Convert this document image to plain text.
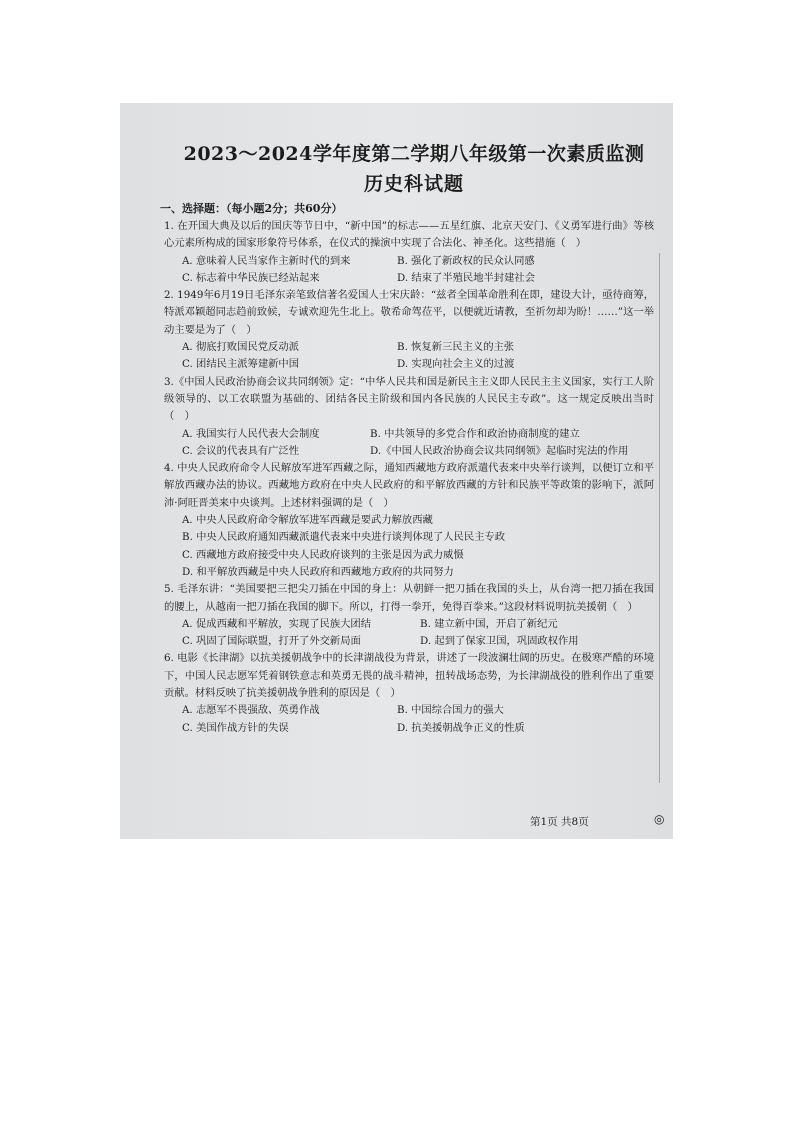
2023～2024学年度第二学期八年级第一次素质监测
历史科试题
一、选择题：（每小题2分；共60分）

1. 在开国大典及以后的国庆等节日中，“新中国”的标志——五星红旗、北京天安门、《义勇军进行曲》等核心元素所构成的国家形象符号体系，在仪式的操演中实现了合法化、神圣化。这些措施（　）

A. 意味着人民当家作主新时代的到来	B. 强化了新政权的民众认同感
C. 标志着中华民族已经站起来	D. 结束了半殖民地半封建社会

2. 1949年6月19日毛泽东亲笔致信著名爱国人士宋庆龄：“兹者全国革命胜利在即，建设大计，亟待商筹，特派邓颖超同志趋前致候，专诚欢迎先生北上。敬希命驾莅平，以便就近请教，至祈勿却为盼！……”这一举动主要是为了（　）

A. 彻底打败国民党反动派	B. 恢复新三民主义的主张
C. 团结民主派筹建新中国	D. 实现向社会主义的过渡

3.《中国人民政治协商会议共同纲领》定：“中华人民共和国是新民主主义即人民民主主义国家，实行工人阶级领导的、以工农联盟为基础的、团结各民主阶级和国内各民族的人民民主专政”。这一规定反映出当时（　）

A. 我国实行人民代表大会制度	B. 中共领导的多党合作和政治协商制度的建立
C. 会议的代表具有广泛性	D.《中国人民政治协商会议共同纲领》起临时宪法的作用

4. 中央人民政府命令人民解放军进军西藏之际，通知西藏地方政府派遣代表来中央举行谈判，以便订立和平解放西藏办法的协议。西藏地方政府在中央人民政府的和平解放西藏的方针和民族平等政策的影响下，派阿沛·阿旺晋美来中央谈判。上述材料强调的是（　）

A. 中央人民政府命令解放军进军西藏是要武力解放西藏
B. 中央人民政府通知西藏派遣代表来中央进行谈判体现了人民民主专政
C. 西藏地方政府接受中央人民政府谈判的主张是因为武力威慑
D. 和平解放西藏是中央人民政府和西藏地方政府的共同努力

5. 毛泽东讲：“美国要把三把尖刀插在中国的身上：从朝鲜一把刀插在我国的头上，从台湾一把刀插在我国的腰上，从越南一把刀插在我国的脚下。所以，打得一拳开，免得百拳来。”这段材料说明抗美援朝（　）

A. 促成西藏和平解放，实现了民族大团结	B. 建立新中国，开启了新纪元
C. 巩固了国际联盟，打开了外交新局面	D. 起到了保家卫国，巩固政权作用

6. 电影《长津湖》以抗美援朝战争中的长津湖战役为背景，讲述了一段波澜壮阔的历史。在极寒严酷的环境下，中国人民志愿军凭着钢铁意志和英勇无畏的战斗精神，扭转战场态势，为长津湖战役的胜利作出了重要贡献。材料反映了抗美援朝战争胜利的原因是（　）

A. 志愿军不畏强敌、英勇作战	B. 中国综合国力的强大
C. 美国作战方针的失误	D. 抗美援朝战争正义的性质
第1页 共8页	◎
